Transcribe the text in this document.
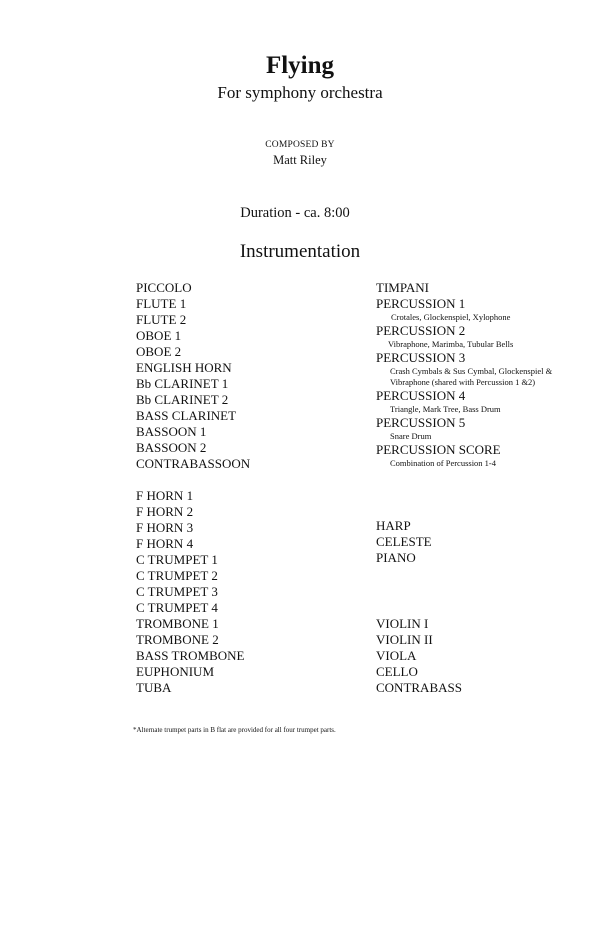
Flying
For symphony orchestra
COMPOSED BY
Matt Riley
Duration - ca. 8:00
Instrumentation
PICCOLO
FLUTE 1
FLUTE 2
OBOE 1
OBOE 2
ENGLISH HORN
Bb CLARINET 1
Bb CLARINET 2
BASS CLARINET
BASSOON 1
BASSOON 2
CONTRABASSOON
F HORN 1
F HORN 2
F HORN 3
F HORN 4
C TRUMPET 1
C TRUMPET 2
C TRUMPET 3
C TRUMPET 4
TROMBONE 1
TROMBONE 2
BASS TROMBONE
EUPHONIUM
TUBA
TIMPANI
PERCUSSION 1
Crotales, Glockenspiel, Xylophone
PERCUSSION 2
Vibraphone, Marimba, Tubular Bells
PERCUSSION 3
Crash Cymbals & Sus Cymbal, Glockenspiel &
Vibraphone (shared with Percussion 1 &2)
PERCUSSION 4
Triangle, Mark Tree, Bass Drum
PERCUSSION 5
Snare Drum
PERCUSSION SCORE
Combination of Percussion 1-4
HARP
CELESTE
PIANO
VIOLIN I
VIOLIN II
VIOLA
CELLO
CONTRABASS
*Alternate trumpet parts in B flat are provided for all four trumpet parts.
